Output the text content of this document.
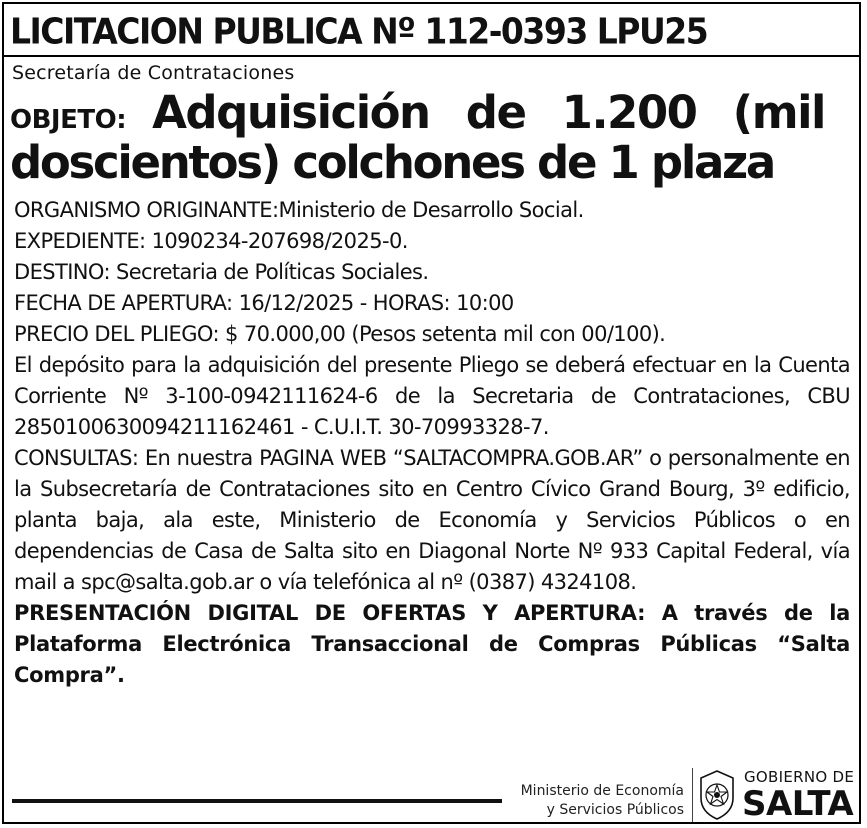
LICITACION PUBLICA Nº 112-0393 LPU25
Secretaría de Contrataciones
OBJETO: Adquisición de 1.200 (mil
doscientos) colchones de 1 plaza

ORGANISMO ORIGINANTE:Ministerio de Desarrollo Social.

EXPEDIENTE: 1090234-207698/2025-0.

DESTINO: Secretaria de Políticas Sociales.

FECHA DE APERTURA: 16/12/2025 - HORAS: 10:00

PRECIO DEL PLIEGO: $ 70.000,00 (Pesos setenta mil con 00/100).

El depósito para la adquisición del presente Pliego se deberá efectuar en la Cuenta Corriente Nº 3-100-0942111624-6 de la Secretaria de Contrataciones, CBU 2850100630094211162461 - C.U.I.T. 30-70993328-7.

CONSULTAS: En nuestra PAGINA WEB “SALTACOMPRA.GOB.AR” o personalmente en la Subsecretaría de Contrataciones sito en Centro Cívico Grand Bourg, 3º edificio, planta baja, ala este, Ministerio de Economía y Servicios Públicos o en dependencias de Casa de Salta sito en Diagonal Norte Nº 933 Capital Federal, vía mail a spc@salta.gob.ar o vía telefónica al nº (0387) 4324108.

PRESENTACIÓN DIGITAL DE OFERTAS Y APERTURA: A través de la Plataforma Electrónica Transaccional de Compras Públicas “Salta Compra”.

Ministerio de Economía
y Servicios Públicos
GOBIERNO DE
SALTA
